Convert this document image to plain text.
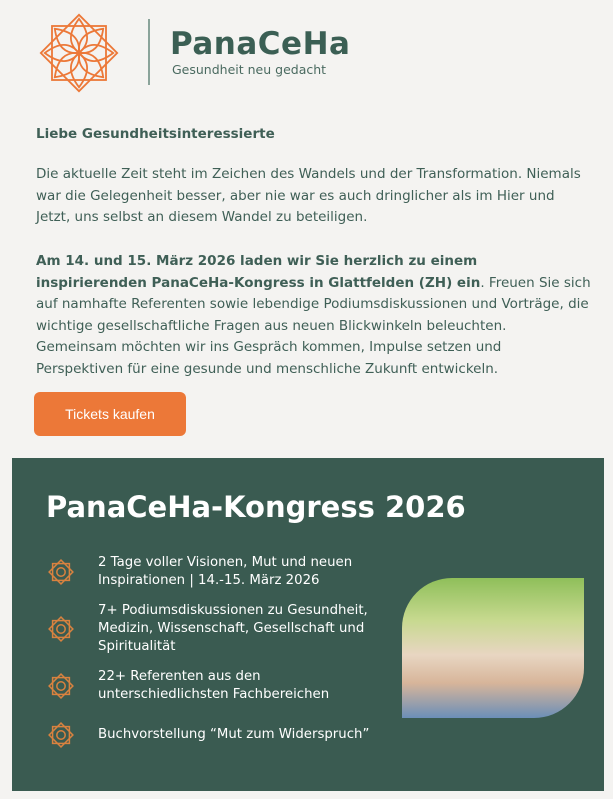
PanaCeHa
Gesundheit neu gedacht
Liebe Gesundheitsinteressierte
Die aktuelle Zeit steht im Zeichen des Wandels und der Transformation. Niemals war die Gelegenheit besser, aber nie war es auch dringlicher als im Hier und Jetzt, uns selbst an diesem Wandel zu beteiligen.
Am 14. und 15. März 2026 laden wir Sie herzlich zu einem inspirierenden PanaCeHa-Kongress in Glattfelden (ZH) ein. Freuen Sie sich auf namhafte Referenten sowie lebendige Podiumsdiskussionen und Vorträge, die wichtige gesellschaftliche Fragen aus neuen Blickwinkeln beleuchten. Gemeinsam möchten wir ins Gespräch kommen, Impulse setzen und Perspektiven für eine gesunde und menschliche Zukunft entwickeln.
Tickets kaufen
PanaCeHa-Kongress 2026
2 Tage voller Visionen, Mut und neuen Inspirationen | 14.-15. März 2026
7+ Podiumsdiskussionen zu Gesundheit, Medizin, Wissenschaft, Gesellschaft und Spiritualität
22+ Referenten aus den unterschiedlichsten Fachbereichen
Buchvorstellung “Mut zum Widerspruch”
